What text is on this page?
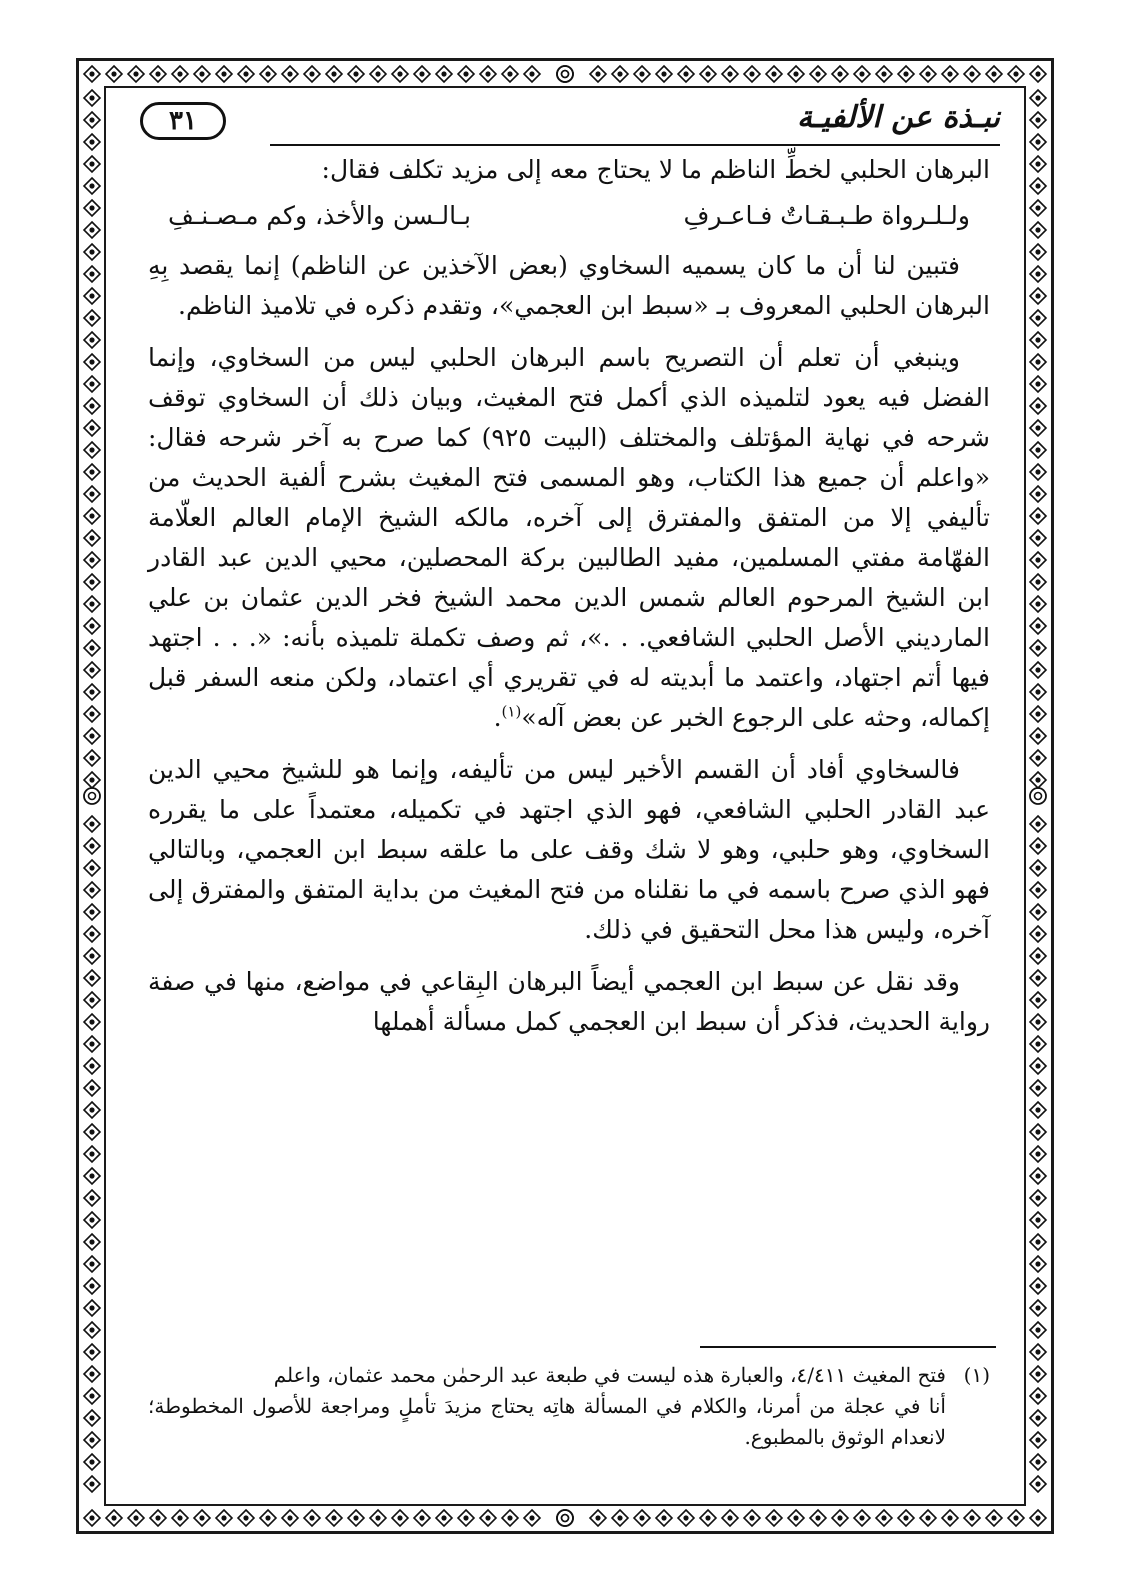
٣١	نبـذة عن الألفيـة

البرهان الحلبي لخطِّ الناظم ما لا يحتاج معه إلى مزيد تكلف فقال:

ولـلـرواة طـبـقـاتٌ فـاعـرفِ
بـالـسن والأخذ، وكم مـصـنـفِ

فتبين لنا أن ما كان يسميه السخاوي (بعض الآخذين عن الناظم) إنما يقصد بِهِ البرهان الحلبي المعروف بـ «سبط ابن العجمي»، وتقدم ذكره في تلاميذ الناظم.

وينبغي أن تعلم أن التصريح باسم البرهان الحلبي ليس من السخاوي، وإنما الفضل فيه يعود لتلميذه الذي أكمل فتح المغيث، وبيان ذلك أن السخاوي توقف شرحه في نهاية المؤتلف والمختلف (البيت ٩٢٥) كما صرح به آخر شرحه فقال: «واعلم أن جميع هذا الكتاب، وهو المسمى فتح المغيث بشرح ألفية الحديث من تأليفي إلا من المتفق والمفترق إلى آخره، مالكه الشيخ الإمام العالم العلّامة الفهّامة مفتي المسلمين، مفيد الطالبين بركة المحصلين، محيي الدين عبد القادر ابن الشيخ المرحوم العالم شمس الدين محمد الشيخ فخر الدين عثمان بن علي المارديني الأصل الحلبي الشافعي. . .»، ثم وصف تكملة تلميذه بأنه: «. . . اجتهد فيها أتم اجتهاد، واعتمد ما أبديته له في تقريري أي اعتماد، ولكن منعه السفر قبل إكماله، وحثه على الرجوع الخبر عن بعض آله»$^{(١)}$.

فالسخاوي أفاد أن القسم الأخير ليس من تأليفه، وإنما هو للشيخ محيي الدين عبد القادر الحلبي الشافعي، فهو الذي اجتهد في تكميله، معتمداً على ما يقرره السخاوي، وهو حلبي، وهو لا شك وقف على ما علقه سبط ابن العجمي، وبالتالي فهو الذي صرح باسمه في ما نقلناه من فتح المغيث من بداية المتفق والمفترق إلى آخره، وليس هذا محل التحقيق في ذلك.

وقد نقل عن سبط ابن العجمي أيضاً البرهان البِقاعي في مواضع، منها في صفة رواية الحديث، فذكر أن سبط ابن العجمي كمل مسألة أهملها

(١)فتح المغيث ٤/٤١١، والعبارة هذه ليست في طبعة عبد الرحمٰن محمد عثمان، واعلم

أنا في عجلة من أمرنا، والكلام في المسألة هاتِه يحتاج مزيدَ تأملٍ ومراجعة للأصول المخطوطة؛ لانعدام الوثوق بالمطبوع.
